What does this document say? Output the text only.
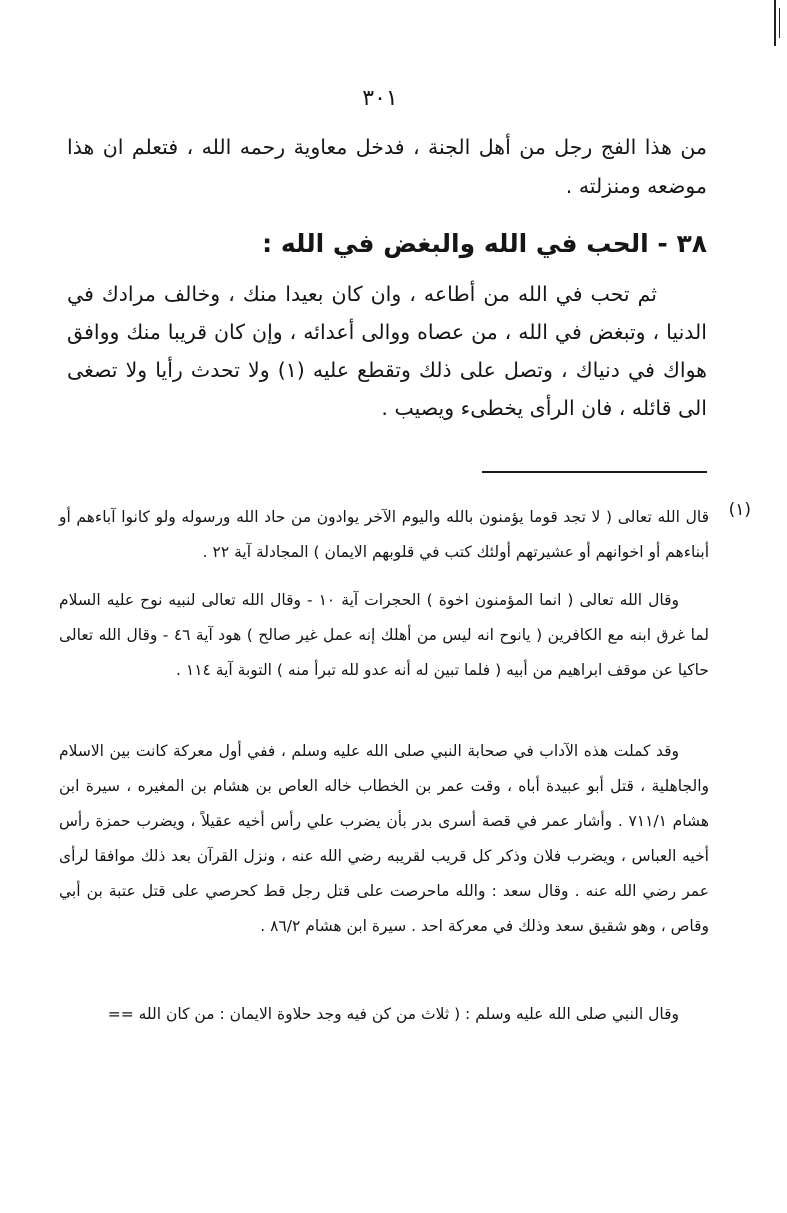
٣٠١
من هذا الفج رجل من أهل الجنة ، فدخل معاوية رحمه الله ، فتعلم ان هذا موضعه ومنزلته .
٣٨ - الحب في الله والبغض في الله :
ثم تحب في الله من أطاعه ، وان كان بعيدا منك ، وخالف مرادك في الدنيا ، وتبغض في الله ، من عصاه ووالى أعدائه ، وإن كان قريبا منك ووافق هواك في دنياك ، وتصل على ذلك وتقطع عليه (١) ولا تحدث رأيا ولا تصغى الى قائله ، فان الرأى يخطىء ويصيب .
(١)
قال الله تعالى ( لا تجد قوما يؤمنون بالله واليوم الآخر يوادون من حاد الله ورسوله ولو كانوا آباءهم أو أبناءهم أو اخوانهم أو عشيرتهم أولئك كتب في قلوبهم الايمان ) المجادلة آية ٢٢ .
وقال الله تعالى ( انما المؤمنون اخوة ) الحجرات آية ١٠ - وقال الله تعالى لنبيه نوح عليه السلام لما غرق ابنه مع الكافرين ( يانوح انه ليس من أهلك إنه عمل غير صالح ) هود آية ٤٦ - وقال الله تعالى حاكيا عن موقف ابراهيم من أبيه ( فلما تبين له أنه عدو لله تبرأ منه ) التوبة آية ١١٤ .
وقد كملت هذه الآداب في صحابة النبي صلى الله عليه وسلم ، ففي أول معركة كانت بين الاسلام والجاهلية ، قتل أبو عبيدة أباه ، وقت عمر بن الخطاب خاله العاص بن هشام بن المغيره ، سيرة ابن هشام ٧١١/١ . وأشار عمر في قصة أسرى بدر بأن يضرب علي رأس أخيه عقيلاً ، ويضرب حمزة رأس أخيه العباس ، ويضرب فلان وذكر كل قريب لقريبه رضي الله عنه ، ونزل القرآن بعد ذلك موافقا لرأى عمر رضي الله عنه . وقال سعد : والله ماحرصت على قتل رجل قط كحرصي على قتل عتبة بن أبي وقاص ، وهو شقيق سعد وذلك في معركة احد . سيرة ابن هشام ٨٦/٢ .
وقال النبي صلى الله عليه وسلم : ( ثلاث من كن فيه وجد حلاوة الايمان : من كان الله ==
